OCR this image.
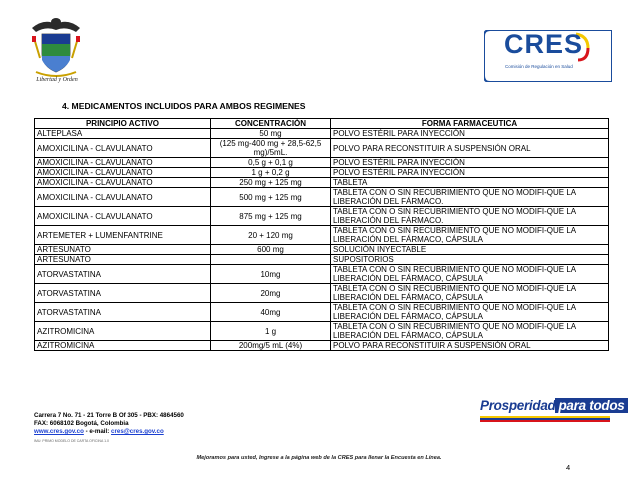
Libertad y Orden
CRES
Comisión de Regulación en Salud
4. MEDICAMENTOS INCLUIDOS PARA AMBOS REGIMENES
PRINCIPIO ACTIVO	CONCENTRACIÓN	FORMA FARMACEUTICA
ALTEPLASA	50 mg	POLVO ESTÉRIL PARA INYECCIÓN
AMOXICILINA - CLAVULANATO	(125 mg-400 mg + 28,5-62,5 mg)/5mL.	POLVO PARA RECONSTITUIR A SUSPENSIÓN ORAL
AMOXICILINA - CLAVULANATO	0,5 g + 0,1 g	POLVO ESTÉRIL PARA INYECCIÓN
AMOXICILINA - CLAVULANATO	1 g + 0,2 g	POLVO ESTÉRIL PARA INYECCIÓN
AMOXICILINA - CLAVULANATO	250 mg + 125 mg	TABLETA
AMOXICILINA - CLAVULANATO	500 mg + 125 mg	TABLETA CON O SIN RECUBRIMIENTO QUE NO MODIFI-QUE LA LIBERACIÓN DEL FÁRMACO.
AMOXICILINA - CLAVULANATO	875 mg + 125 mg	TABLETA CON O SIN RECUBRIMIENTO QUE NO MODIFI-QUE LA LIBERACIÓN DEL FÁRMACO.
ARTEMETER + LUMENFANTRINE	20 + 120 mg	TABLETA CON O SIN RECUBRIMIENTO QUE NO MODIFI-QUE LA LIBERACIÓN DEL FÁRMACO, CÁPSULA
ARTESUNATO	600 mg	SOLUCIÓN INYECTABLE
ARTESUNATO		SUPOSITORIOS
ATORVASTATINA	10mg	TABLETA CON O SIN RECUBRIMIENTO QUE NO MODIFI-QUE LA LIBERACIÓN DEL FÁRMACO, CÁPSULA
ATORVASTATINA	20mg	TABLETA CON O SIN RECUBRIMIENTO QUE NO MODIFI-QUE LA LIBERACIÓN DEL FÁRMACO, CÁPSULA
ATORVASTATINA	40mg	TABLETA CON O SIN RECUBRIMIENTO QUE NO MODIFI-QUE LA LIBERACIÓN DEL FÁRMACO, CÁPSULA
AZITROMICINA	1 g	TABLETA CON O SIN RECUBRIMIENTO QUE NO MODIFI-QUE LA LIBERACIÓN DEL FÁRMACO, CÁPSULA
AZITROMICINA	200mg/5 mL (4%)	POLVO PARA RECONSTITUIR A SUSPENSIÓN ORAL
Carrera 7 No. 71 - 21 Torre B Of 305 - PBX: 4864560
FAX: 6068102 Bogotá, Colombia
www.cres.gov.co - e-mail: cres@cres.gov.co
IMU: PRIMO MODELO DE CARTA OFICINA 1.0
Prosperidad para todos
Mejoramos para usted, Ingrese a la página web de la CRES para llenar la Encuesta en Línea.
4
